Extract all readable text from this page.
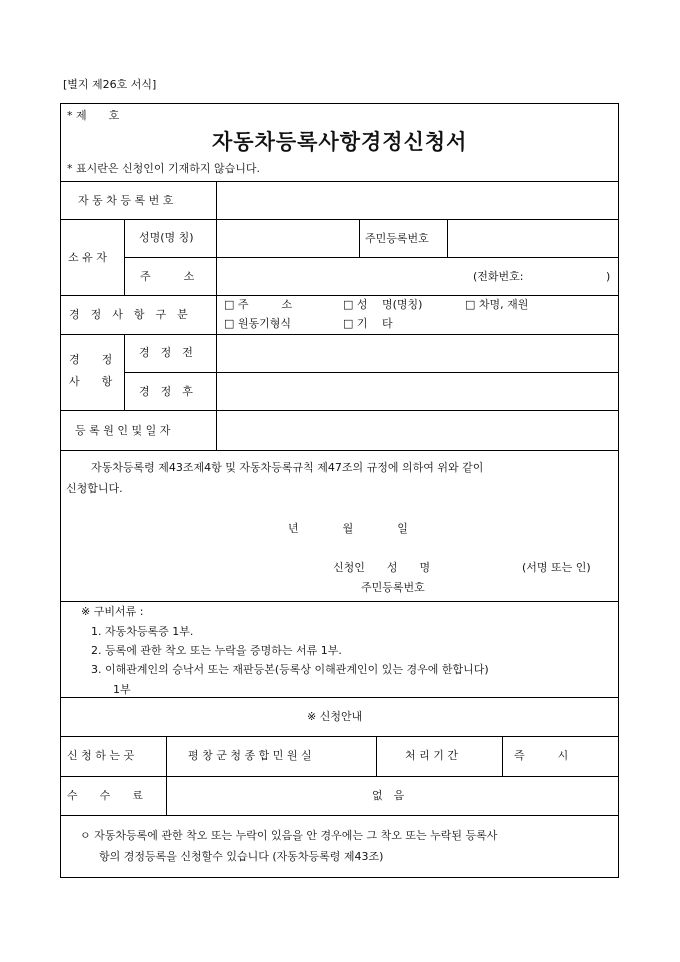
[별지 제26호 서식]
* 제　　호
자동차등록사항경정신청서
* 표시란은 신청인이 기재하지 않습니다.
자 동 차 등 록 번 호
소 유 자
성명(명 칭)	주민등록번호
주　　　소	(전화번호:	)
경　정　사　항　구　분
□ 주　　　소	□ 성　 명(명칭)	□ 차명, 재원
□ 원동기형식	□ 기　 타
경　　정
사　　항
경　정　전
경　정　후
등 록 원 인 및 일 자
자동차등록령 제43조제4항 및 자동차등록규칙 제47조의 규정에 의하여 위와 같이
신청합니다.
년　　　　월　　　　일
신청인　　성　　명	(서명 또는 인)
주민등록번호
※ 구비서류 :
1. 자동차등록증 1부.
2. 등록에 관한 착오 또는 누락을 증명하는 서류 1부.
3. 이해관계인의 승낙서 또는 재판등본(등록상 이해관계인이 있는 경우에 한합니다)
1부
※ 신청안내
신 청 하 는 곳	평 창 군 청 종 합 민 원 실	처 리 기 간	즉　　　시
수　　수　　료	없　음
ㅇ 자동차등록에 관한 착오 또는 누락이 있음을 안 경우에는 그 착오 또는 누락된 등록사
항의 경정등록을 신청할수 있습니다 (자동차등록령 제43조)
